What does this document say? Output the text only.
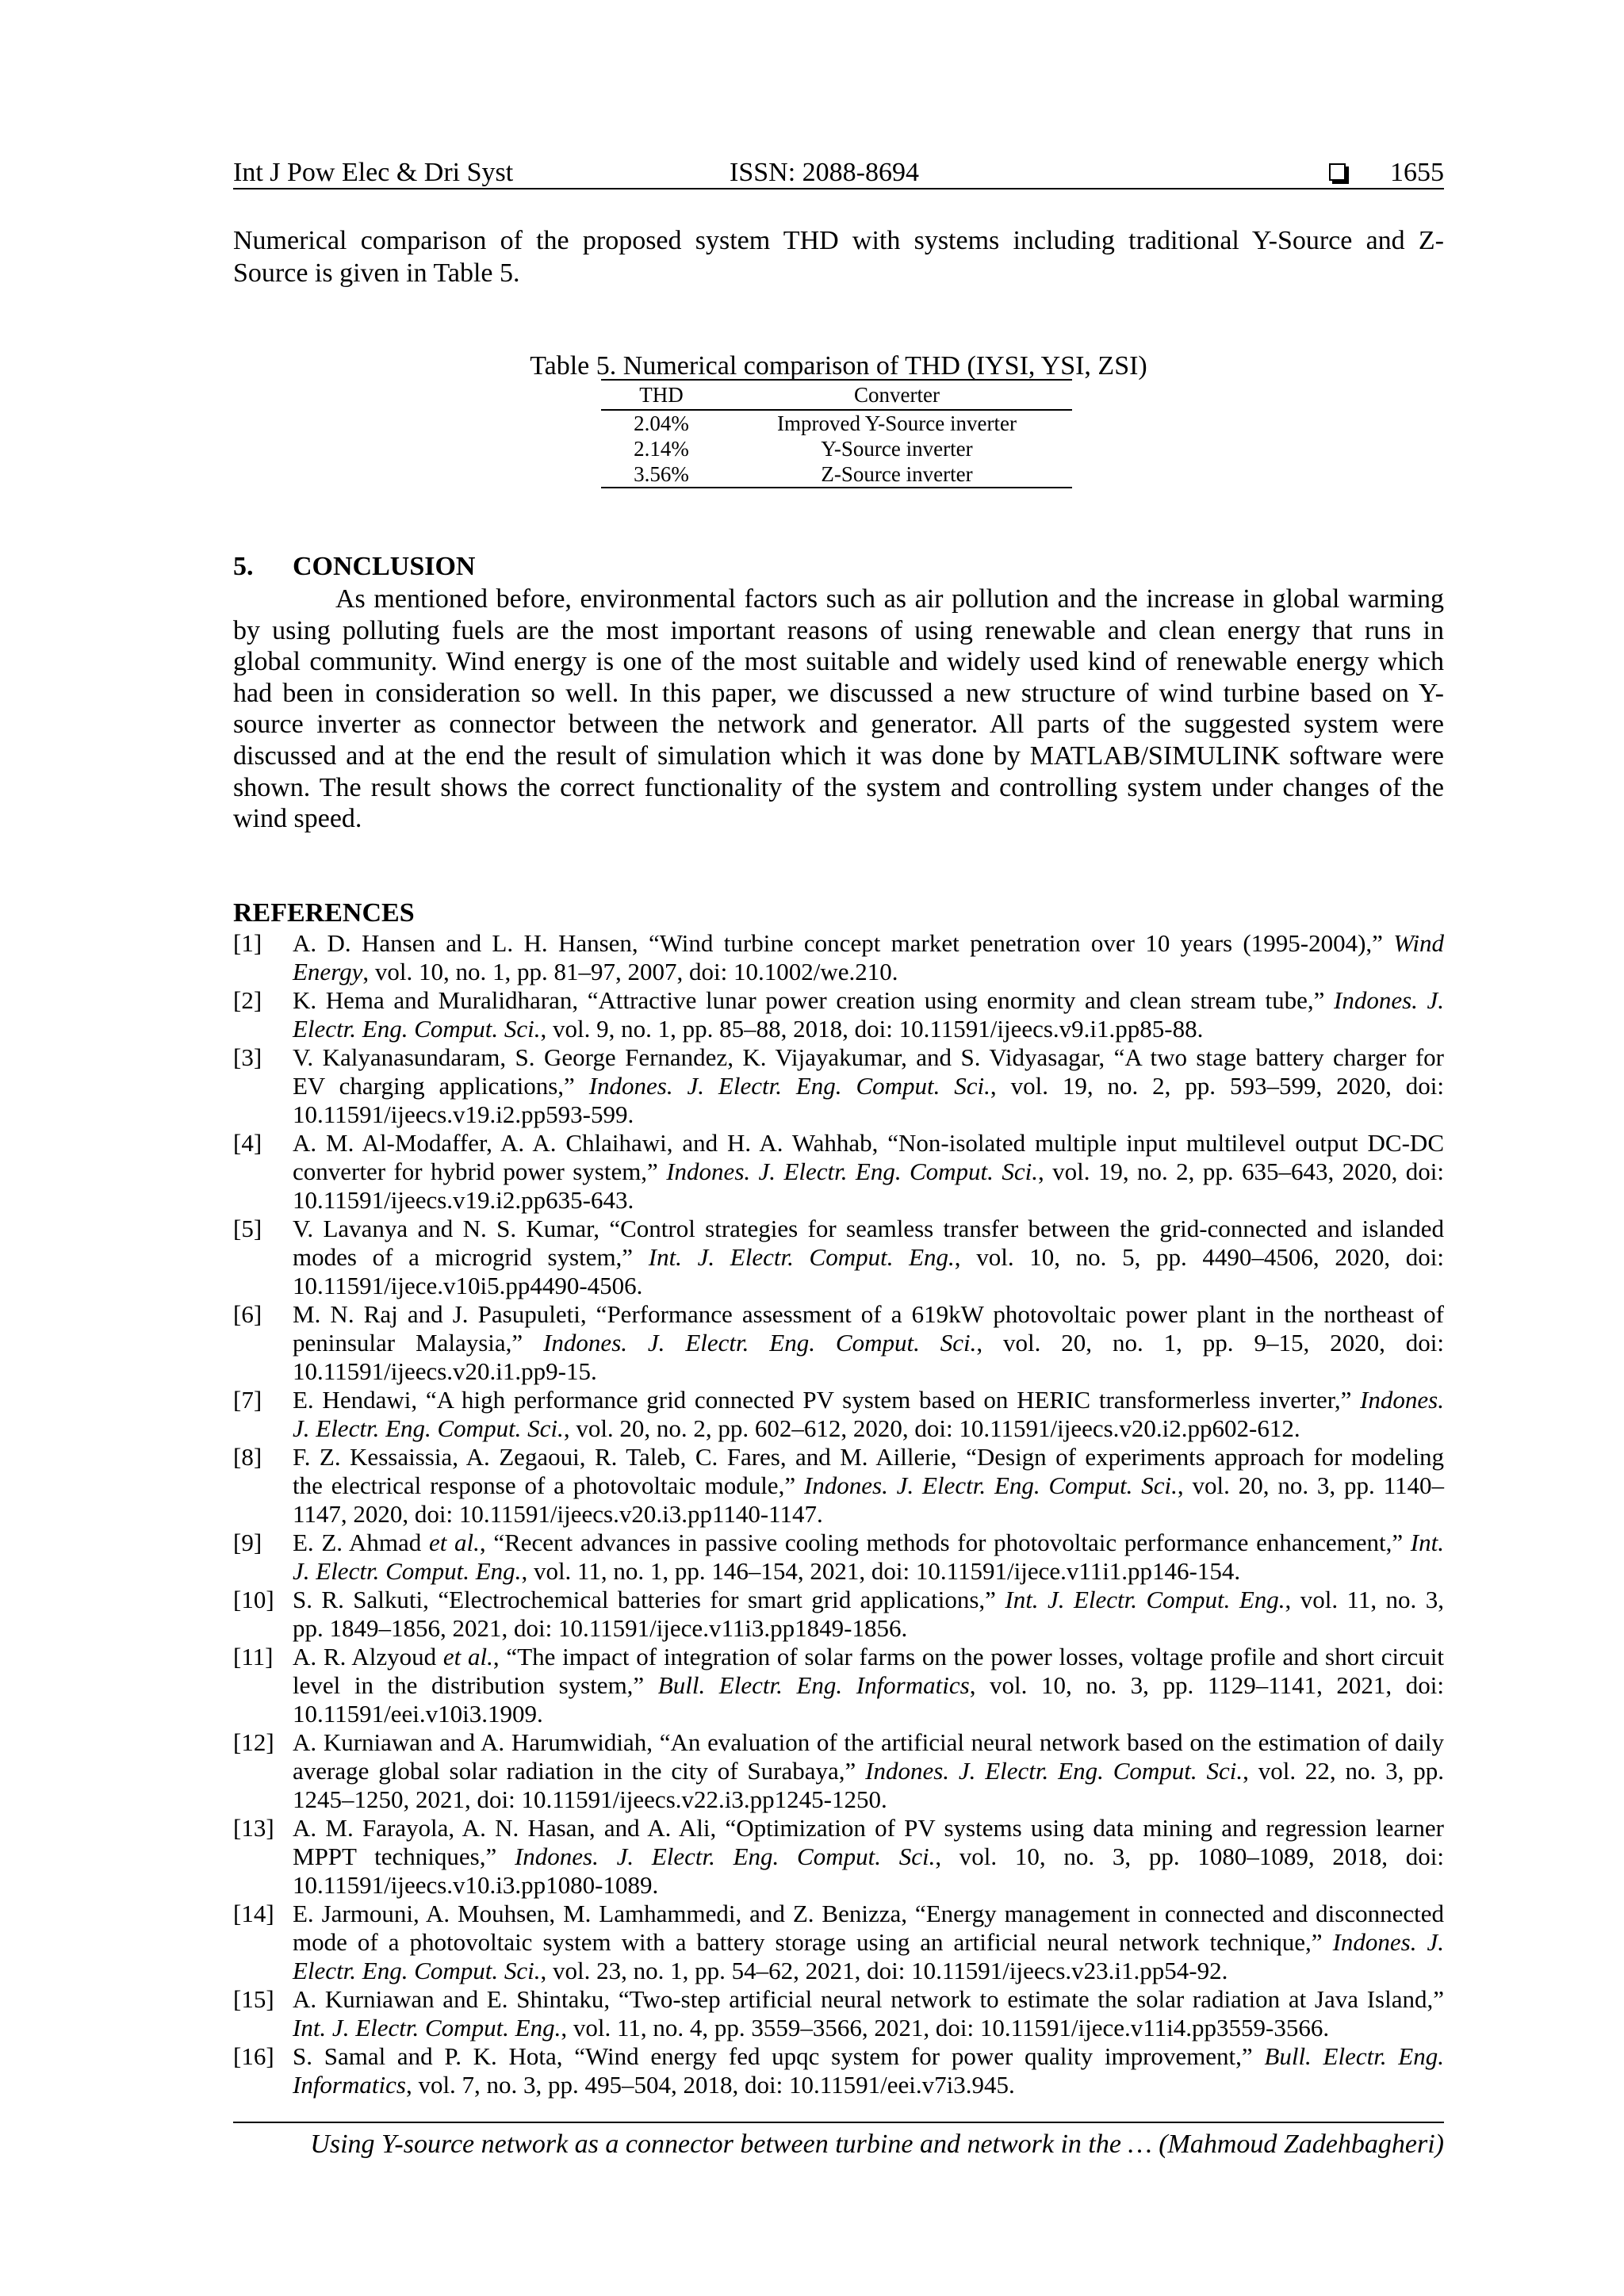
Int J Pow Elec & Dri Syst	ISSN: 2088-8694	1655
Numerical comparison of the proposed system THD with systems including traditional Y-Source and Z-
Source is given in Table 5.
Table 5. Numerical comparison of THD (IYSI, YSI, ZSI)
THD	Converter
2.04%	Improved Y-Source inverter
2.14%	Y-Source inverter
3.56%	Z-Source inverter
5. CONCLUSION
As mentioned before, environmental factors such as air pollution and the increase in global warming
by using polluting fuels are the most important reasons of using renewable and clean energy that runs in
global community. Wind energy is one of the most suitable and widely used kind of renewable energy which
had been in consideration so well. In this paper, we discussed a new structure of wind turbine based on Y-
source inverter as connector between the network and generator. All parts of the suggested system were
discussed and at the end the result of simulation which it was done by MATLAB/SIMULINK software were
shown. The result shows the correct functionality of the system and controlling system under changes of the
wind speed.
REFERENCES
[1] A. D. Hansen and L. H. Hansen, “Wind turbine concept market penetration over 10 years (1995-2004),” Wind
Energy, vol. 10, no. 1, pp. 81–97, 2007, doi: 10.1002/we.210.
[2] K. Hema and Muralidharan, “Attractive lunar power creation using enormity and clean stream tube,” Indones. J.
Electr. Eng. Comput. Sci., vol. 9, no. 1, pp. 85–88, 2018, doi: 10.11591/ijeecs.v9.i1.pp85-88.
[3] V. Kalyanasundaram, S. George Fernandez, K. Vijayakumar, and S. Vidyasagar, “A two stage battery charger for
EV charging applications,” Indones. J. Electr. Eng. Comput. Sci., vol. 19, no. 2, pp. 593–599, 2020, doi:
10.11591/ijeecs.v19.i2.pp593-599.
[4] A. M. Al-Modaffer, A. A. Chlaihawi, and H. A. Wahhab, “Non-isolated multiple input multilevel output DC-DC
converter for hybrid power system,” Indones. J. Electr. Eng. Comput. Sci., vol. 19, no. 2, pp. 635–643, 2020, doi:
10.11591/ijeecs.v19.i2.pp635-643.
[5] V. Lavanya and N. S. Kumar, “Control strategies for seamless transfer between the grid-connected and islanded
modes of a microgrid system,” Int. J. Electr. Comput. Eng., vol. 10, no. 5, pp. 4490–4506, 2020, doi:
10.11591/ijece.v10i5.pp4490-4506.
[6] M. N. Raj and J. Pasupuleti, “Performance assessment of a 619kW photovoltaic power plant in the northeast of
peninsular Malaysia,” Indones. J. Electr. Eng. Comput. Sci., vol. 20, no. 1, pp. 9–15, 2020, doi:
10.11591/ijeecs.v20.i1.pp9-15.
[7] E. Hendawi, “A high performance grid connected PV system based on HERIC transformerless inverter,” Indones.
J. Electr. Eng. Comput. Sci., vol. 20, no. 2, pp. 602–612, 2020, doi: 10.11591/ijeecs.v20.i2.pp602-612.
[8] F. Z. Kessaissia, A. Zegaoui, R. Taleb, C. Fares, and M. Aillerie, “Design of experiments approach for modeling
the electrical response of a photovoltaic module,” Indones. J. Electr. Eng. Comput. Sci., vol. 20, no. 3, pp. 1140–
1147, 2020, doi: 10.11591/ijeecs.v20.i3.pp1140-1147.
[9] E. Z. Ahmad et al., “Recent advances in passive cooling methods for photovoltaic performance enhancement,” Int.
J. Electr. Comput. Eng., vol. 11, no. 1, pp. 146–154, 2021, doi: 10.11591/ijece.v11i1.pp146-154.
[10] S. R. Salkuti, “Electrochemical batteries for smart grid applications,” Int. J. Electr. Comput. Eng., vol. 11, no. 3,
pp. 1849–1856, 2021, doi: 10.11591/ijece.v11i3.pp1849-1856.
[11] A. R. Alzyoud et al., “The impact of integration of solar farms on the power losses, voltage profile and short circuit
level in the distribution system,” Bull. Electr. Eng. Informatics, vol. 10, no. 3, pp. 1129–1141, 2021, doi:
10.11591/eei.v10i3.1909.
[12] A. Kurniawan and A. Harumwidiah, “An evaluation of the artificial neural network based on the estimation of daily
average global solar radiation in the city of Surabaya,” Indones. J. Electr. Eng. Comput. Sci., vol. 22, no. 3, pp.
1245–1250, 2021, doi: 10.11591/ijeecs.v22.i3.pp1245-1250.
[13] A. M. Farayola, A. N. Hasan, and A. Ali, “Optimization of PV systems using data mining and regression learner
MPPT techniques,” Indones. J. Electr. Eng. Comput. Sci., vol. 10, no. 3, pp. 1080–1089, 2018, doi:
10.11591/ijeecs.v10.i3.pp1080-1089.
[14] E. Jarmouni, A. Mouhsen, M. Lamhammedi, and Z. Benizza, “Energy management in connected and disconnected
mode of a photovoltaic system with a battery storage using an artificial neural network technique,” Indones. J.
Electr. Eng. Comput. Sci., vol. 23, no. 1, pp. 54–62, 2021, doi: 10.11591/ijeecs.v23.i1.pp54-92.
[15] A. Kurniawan and E. Shintaku, “Two-step artificial neural network to estimate the solar radiation at Java Island,”
Int. J. Electr. Comput. Eng., vol. 11, no. 4, pp. 3559–3566, 2021, doi: 10.11591/ijece.v11i4.pp3559-3566.
[16] S. Samal and P. K. Hota, “Wind energy fed upqc system for power quality improvement,” Bull. Electr. Eng.
Informatics, vol. 7, no. 3, pp. 495–504, 2018, doi: 10.11591/eei.v7i3.945.
Using Y-source network as a connector between turbine and network in the … (Mahmoud Zadehbagheri)
